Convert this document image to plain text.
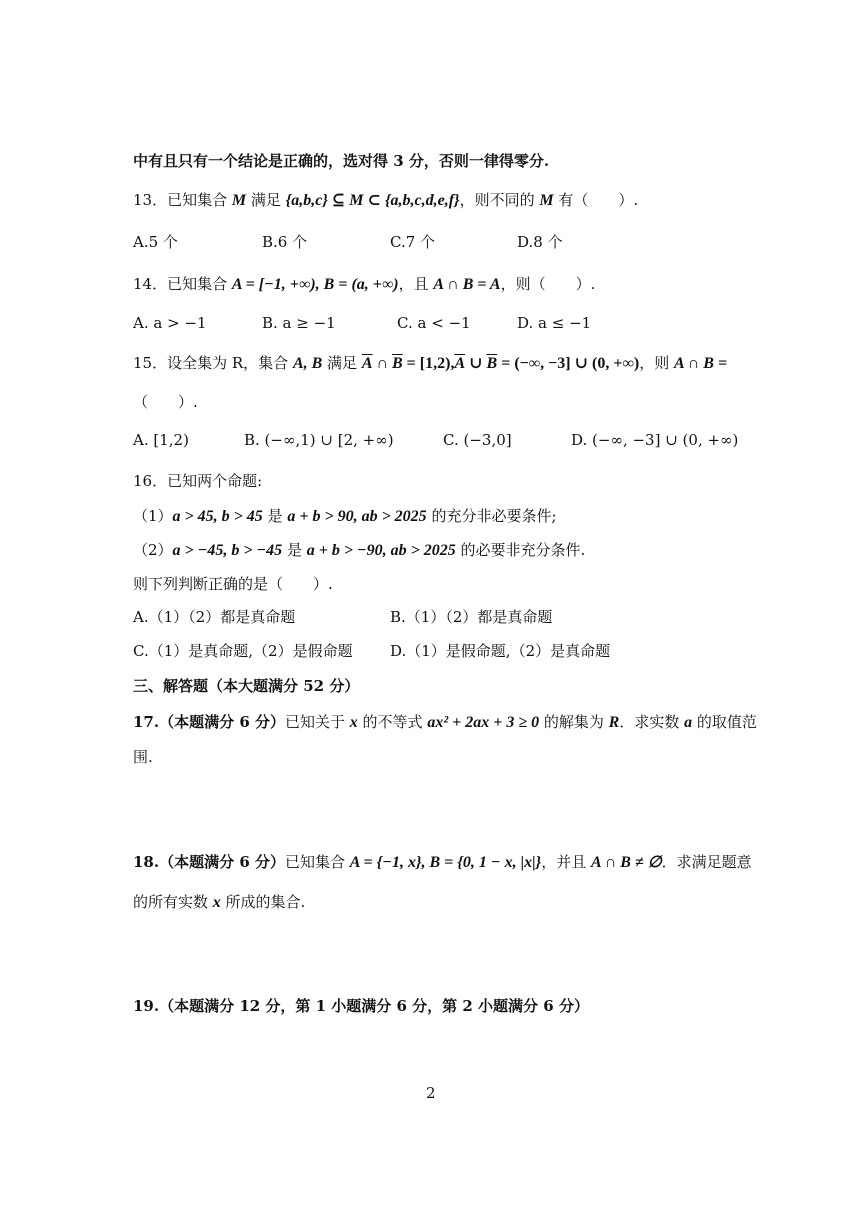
中有且只有一个结论是正确的，选对得 3 分，否则一律得零分.
13．已知集合 M 满足 {a,b,c} ⊆ M ⊂ {a,b,c,d,e,f}，则不同的 M 有（　　）.
A.5 个	B.6 个	C.7 个	D.8 个
14．已知集合 A = [−1, +∞), B = (a, +∞)，且 A ∩ B = A，则（　　）.
A. a > −1	B. a ≥ −1	C. a < −1	D. a ≤ −1
15．设全集为 R，集合 A, B 满足 $\overline{A}$ ∩ $\overline{B} = [1,2),\overline{A}$ ∪ $\overline{B}$ = (−∞, −3] ∪ (0, +∞)，则 A ∩ B =
（　　）.
A. [1,2)	B. (−∞,1) ∪ [2, +∞)	C. (−3,0]	D. (−∞, −3] ∪ (0, +∞)
16．已知两个命题:
（1）a > 45, b > 45 是 a + b > 90, ab > 2025 的充分非必要条件;
（2）a > −45, b > −45 是 a + b > −90, ab > 2025 的必要非充分条件.
则下列判断正确的是（　　）.
A.（1）（2）都是真命题	B.（1）（2）都是真命题
C.（1）是真命题,（2）是假命题 D.（1）是假命题,（2）是真命题
三、解答题（本大题满分 52 分）
17.（本题满分 6 分）已知关于 x 的不等式 ax² + 2ax + 3 ≥ 0 的解集为 R．求实数 a 的取值范
围.
18.（本题满分 6 分）已知集合 A = {−1, x}, B = {0, 1 − x, |x|}，并且 A ∩ B ≠ ∅．求满足题意
的所有实数 x 所成的集合.
19.（本题满分 12 分，第 1 小题满分 6 分，第 2 小题满分 6 分）
2
